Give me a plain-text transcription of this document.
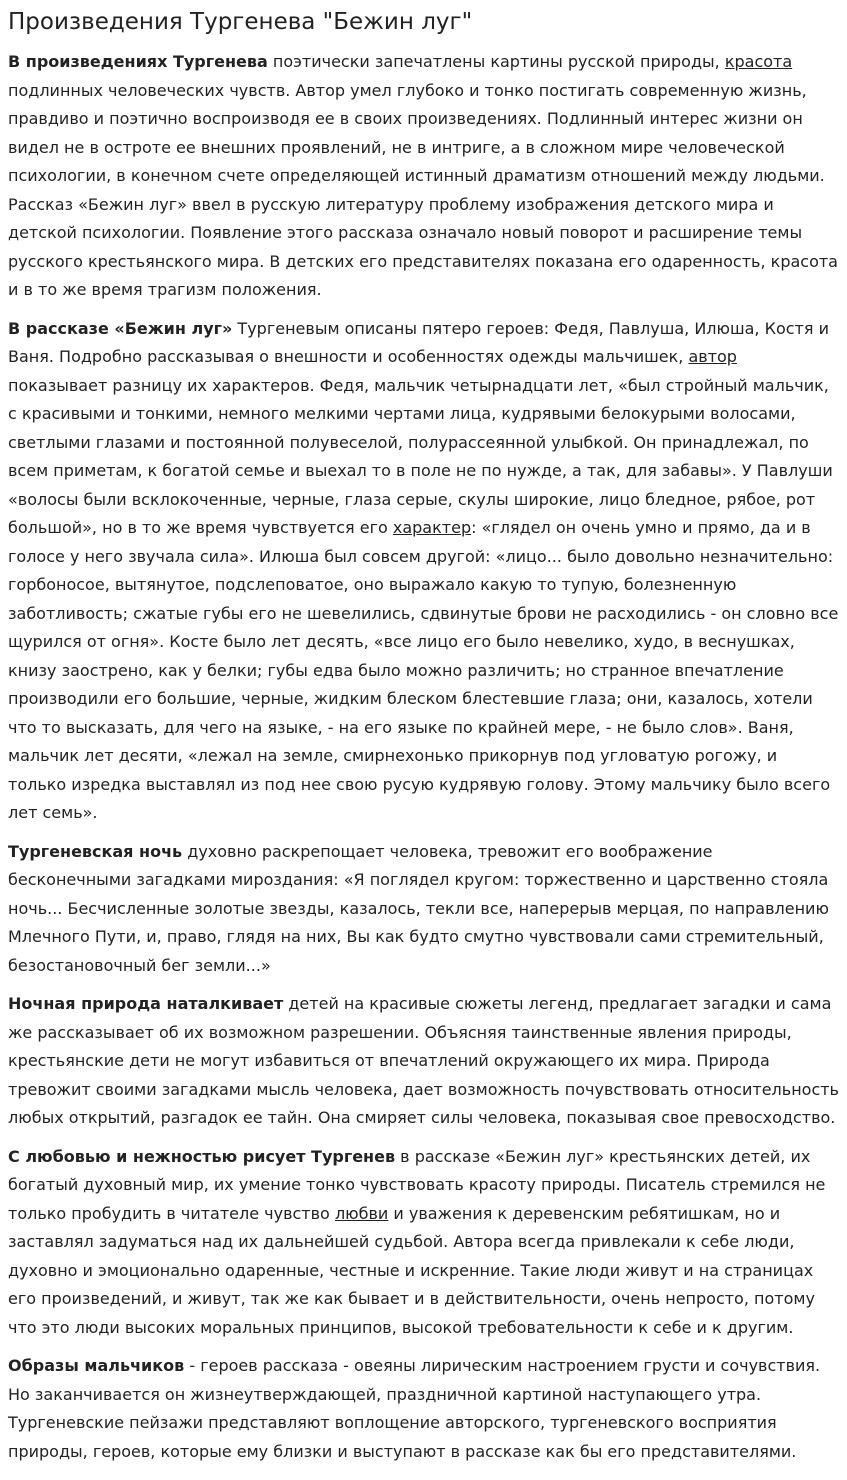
Произведения Тургенева "Бежин луг"

В произведениях Тургенева поэтически запечатлены картины русской природы, красота подлинных человеческих чувств. Автор умел глубоко и тонко постигать современную жизнь, правдиво и поэтично воспроизводя ее в своих произведениях. Подлинный интерес жизни он видел не в остроте ее внешних проявлений, не в интриге, а в сложном мире человеческой психологии, в конечном счете определяющей истинный драматизм отношений между людьми. Рассказ «Бежин луг» ввел в русскую литературу проблему изображения детского мира и детской психологии. Появление этого рассказа означало новый поворот и расширение темы русского крестьянского мира. В детских его представителях показана его одаренность, красота и в то же время трагизм положения.

В рассказе «Бежин луг» Тургеневым описаны пятеро героев: Федя, Павлуша, Илюша, Костя и Ваня. Подробно рассказывая о внешности и особенностях одежды мальчишек, автор показывает разницу их характеров. Федя, мальчик четырнадцати лет, «был стройный мальчик, с красивыми и тонкими, немного мелкими чертами лица, кудрявыми белокурыми волосами, светлыми глазами и постоянной полувеселой, полурассеянной улыбкой. Он принадлежал, по всем приметам, к богатой семье и выехал то в поле не по нужде, а так, для забавы». У Павлуши «волосы были всклокоченные, черные, глаза серые, скулы широкие, лицо бледное, рябое, рот большой», но в то же время чувствуется его характер: «глядел он очень умно и прямо, да и в голосе у него звучала сила». Илюша был совсем другой: «лицо... было довольно незначительно: горбоносое, вытянутое, подслеповатое, оно выражало какую то тупую, болезненную заботливость; сжатые губы его не шевелились, сдвинутые брови не расходились - он словно все щурился от огня». Косте было лет десять, «все лицо его было невелико, худо, в веснушках, книзу заострено, как у белки; губы едва было можно различить; но странное впечатление производили его большие, черные, жидким блеском блестевшие глаза; они, казалось, хотели что то высказать, для чего на языке, - на его языке по крайней мере, - не было слов». Ваня, мальчик лет десяти, «лежал на земле, смирнехонько прикорнув под угловатую рогожу, и только изредка выставлял из под нее свою русую кудрявую голову. Этому мальчику было всего лет семь».

Тургеневская ночь духовно раскрепощает человека, тревожит его воображение бесконечными загадками мироздания: «Я поглядел кругом: торжественно и царственно стояла ночь... Бесчисленные золотые звезды, казалось, текли все, наперерыв мерцая, по направлению Млечного Пути, и, право, глядя на них, Вы как будто смутно чувствовали сами стремительный, безостановочный бег земли...»

Ночная природа наталкивает детей на красивые сюжеты легенд, предлагает загадки и сама же рассказывает об их возможном разрешении. Объясняя таинственные явления природы, крестьянские дети не могут избавиться от впечатлений окружающего их мира. Природа тревожит своими загадками мысль человека, дает возможность почувствовать относительность любых открытий, разгадок ее тайн. Она смиряет силы человека, показывая свое превосходство.

С любовью и нежностью рисует Тургенев в рассказе «Бежин луг» крестьянских детей, их богатый духовный мир, их умение тонко чувствовать красоту природы. Писатель стремился не только пробудить в читателе чувство любви и уважения к деревенским ребятишкам, но и заставлял задуматься над их дальнейшей судьбой. Автора всегда привлекали к себе люди, духовно и эмоционально одаренные, честные и искренние. Такие люди живут и на страницах его произведений, и живут, так же как бывает и в действительности, очень непросто, потому что это люди высоких моральных принципов, высокой требовательности к себе и к другим.

Образы мальчиков - героев рассказа - овеяны лирическим настроением грусти и сочувствия. Но заканчивается он жизнеутверждающей, праздничной картиной наступающего утра. Тургеневские пейзажи представляют воплощение авторского, тургеневского восприятия природы, героев, которые ему близки и выступают в рассказе как бы его представителями.
